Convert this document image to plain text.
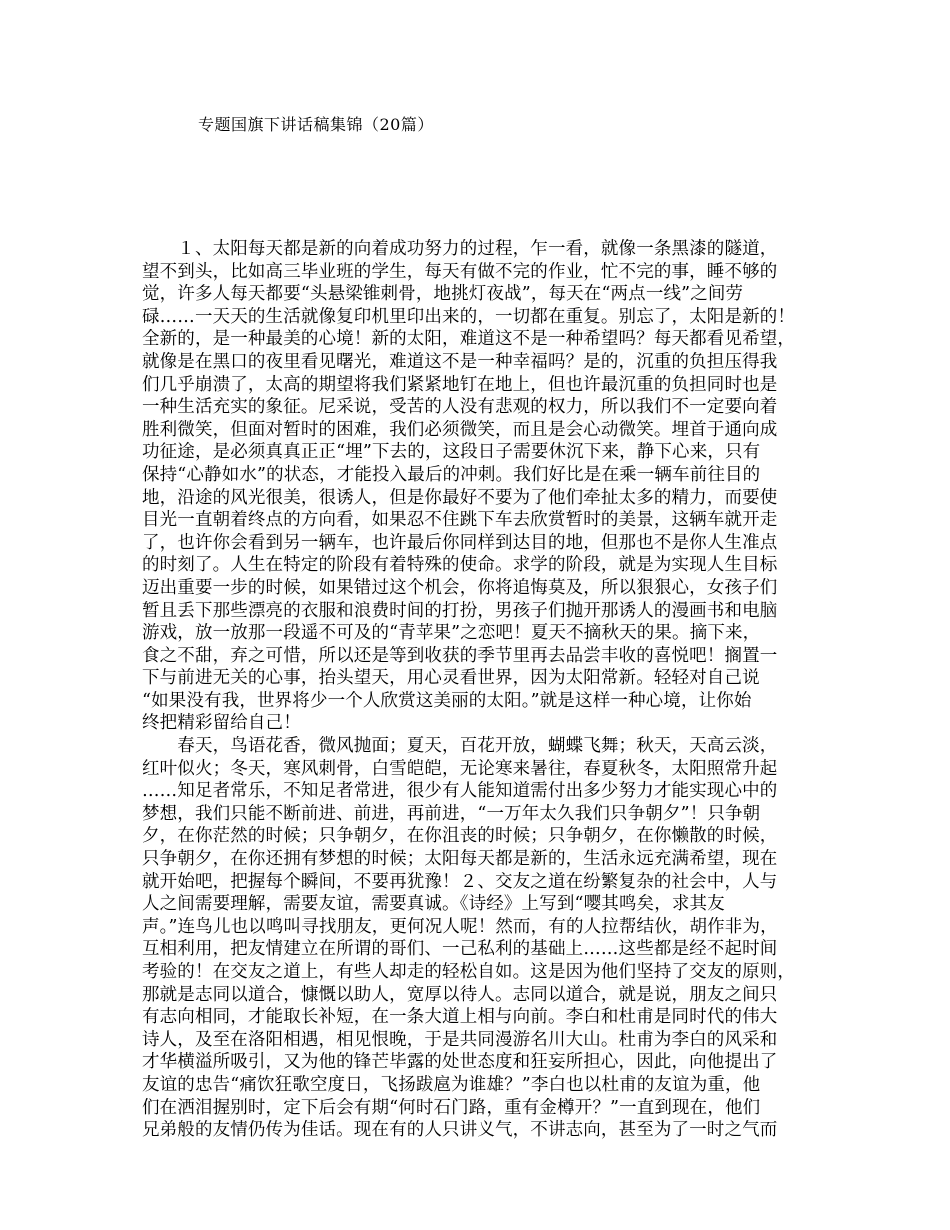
专题国旗下讲话稿集锦（20篇）
　　１、太阳每天都是新的向着成功努力的过程，乍一看，就像一条黑漆的隧道，
望不到头，比如高三毕业班的学生，每天有做不完的作业，忙不完的事，睡不够的
觉，许多人每天都要“头悬梁锥刺骨，地挑灯夜战”，每天在“两点一线”之间劳
碌……一天天的生活就像复印机里印出来的，一切都在重复。别忘了，太阳是新的！
全新的，是一种最美的心境！新的太阳，难道这不是一种希望吗？每天都看见希望，
就像是在黑口的夜里看见曙光，难道这不是一种幸福吗？是的，沉重的负担压得我
们几乎崩溃了，太高的期望将我们紧紧地钉在地上，但也许最沉重的负担同时也是
一种生活充实的象征。尼采说，受苦的人没有悲观的权力，所以我们不一定要向着
胜利微笑，但面对暂时的困难，我们必须微笑，而且是会心动微笑。埋首于通向成
功征途，是必须真真正正“埋”下去的，这段日子需要休沉下来，静下心来，只有
保持“心静如水”的状态，才能投入最后的冲刺。我们好比是在乘一辆车前往目的
地，沿途的风光很美，很诱人，但是你最好不要为了他们牵扯太多的精力，而要使
目光一直朝着终点的方向看，如果忍不住跳下车去欣赏暂时的美景，这辆车就开走
了，也许你会看到另一辆车，也许最后你同样到达目的地，但那也不是你人生准点
的时刻了。人生在特定的阶段有着特殊的使命。求学的阶段，就是为实现人生目标
迈出重要一步的时候，如果错过这个机会，你将追悔莫及，所以狠狠心，女孩子们
暂且丢下那些漂亮的衣服和浪费时间的打扮，男孩子们抛开那诱人的漫画书和电脑
游戏，放一放那一段遥不可及的“青苹果”之恋吧！夏天不摘秋天的果。摘下来，
食之不甜，弃之可惜，所以还是等到收获的季节里再去品尝丰收的喜悦吧！搁置一
下与前进无关的心事，抬头望天，用心灵看世界，因为太阳常新。轻轻对自己说
“如果没有我，世界将少一个人欣赏这美丽的太阳。”就是这样一种心境，让你始
终把精彩留给自己！
　　春天，鸟语花香，微风抛面；夏天，百花开放，蝴蝶飞舞；秋天，天高云淡，
红叶似火；冬天，寒风刺骨，白雪皑皑，无论寒来暑往，春夏秋冬，太阳照常升起
……知足者常乐，不知足者常进，很少有人能知道需付出多少努力才能实现心中的
梦想，我们只能不断前进、前进，再前进，“一万年太久我们只争朝夕”！只争朝
夕，在你茫然的时候；只争朝夕，在你沮丧的时候；只争朝夕，在你懒散的时候，
只争朝夕，在你还拥有梦想的时候；太阳每天都是新的，生活永远充满希望，现在
就开始吧，把握每个瞬间，不要再犹豫！２、交友之道在纷繁复杂的社会中，人与
人之间需要理解，需要友谊，需要真诚。《诗经》上写到“嘤其鸣矣，求其友
声。”连鸟儿也以鸣叫寻找朋友，更何况人呢！然而，有的人拉帮结伙，胡作非为，
互相利用，把友情建立在所谓的哥们、一己私利的基础上……这些都是经不起时间
考验的！在交友之道上，有些人却走的轻松自如。这是因为他们坚持了交友的原则，
那就是志同以道合，慷慨以助人，宽厚以待人。志同以道合，就是说，朋友之间只
有志向相同，才能取长补短，在一条大道上相与向前。李白和杜甫是同时代的伟大
诗人，及至在洛阳相遇，相见恨晚，于是共同漫游名川大山。杜甫为李白的风采和
才华横溢所吸引，又为他的锋芒毕露的处世态度和狂妄所担心，因此，向他提出了
友谊的忠告“痛饮狂歌空度日，飞扬跋扈为谁雄？”李白也以杜甫的友谊为重，他
们在洒泪握别时，定下后会有期“何时石门路，重有金樽开？”一直到现在，他们
兄弟般的友情仍传为佳话。现在有的人只讲义气，不讲志向，甚至为了一时之气而
